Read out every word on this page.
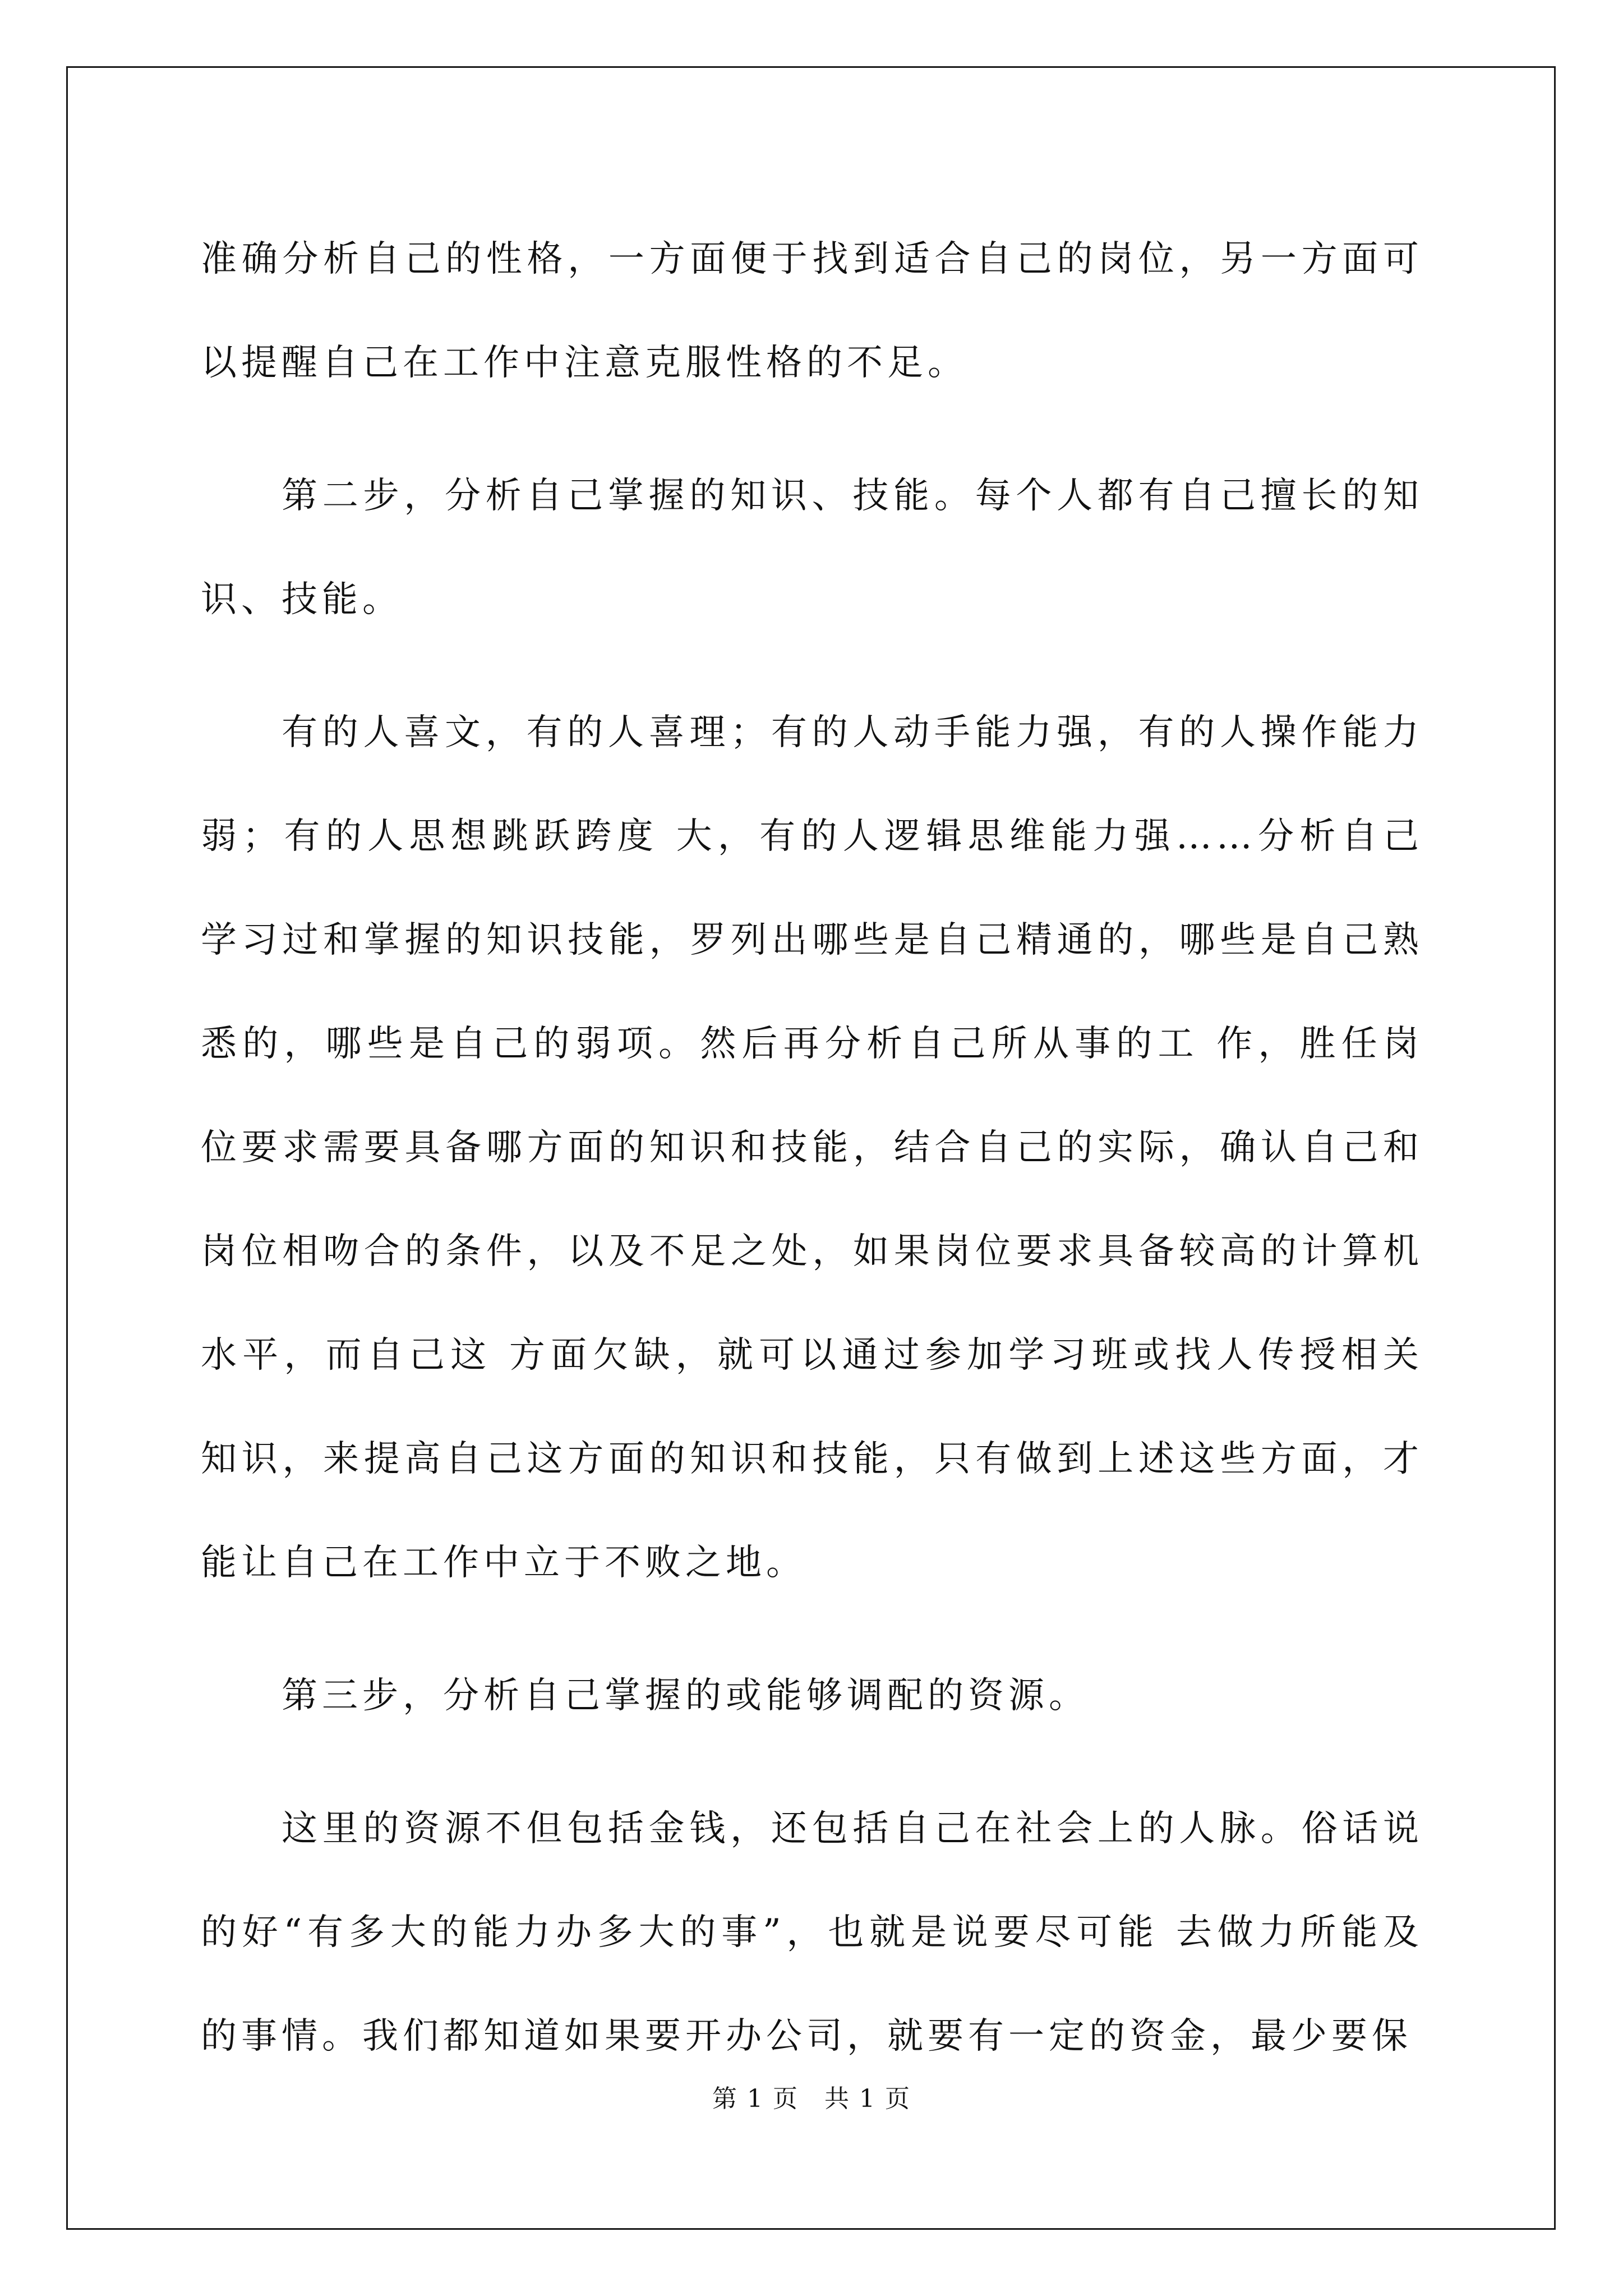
准确分析自己的性格，一方面便于找到适合自己的岗位，另一方面可以提醒自己在工作中注意克服性格的不足。

第二步，分析自己掌握的知识、技能。每个人都有自己擅长的知识、技能。

有的人喜文，有的人喜理；有的人动手能力强，有的人操作能力弱；有的人思想跳跃跨度 大，有的人逻辑思维能力强……分析自己学习过和掌握的知识技能，罗列出哪些是自己精通的，哪些是自己熟悉的，哪些是自己的弱项。然后再分析自己所从事的工 作，胜任岗位要求需要具备哪方面的知识和技能，结合自己的实际，确认自己和岗位相吻合的条件，以及不足之处，如果岗位要求具备较高的计算机水平，而自己这 方面欠缺，就可以通过参加学习班或找人传授相关知识，来提高自己这方面的知识和技能，只有做到上述这些方面，才能让自己在工作中立于不败之地。

第三步，分析自己掌握的或能够调配的资源。

这里的资源不但包括金钱，还包括自己在社会上的人脉。俗话说的好“有多大的能力办多大的事”，也就是说要尽可能 去做力所能及的事情。我们都知道如果要开办公司，就要有一定的资金，最少要保

第 1 页　共 1 页
